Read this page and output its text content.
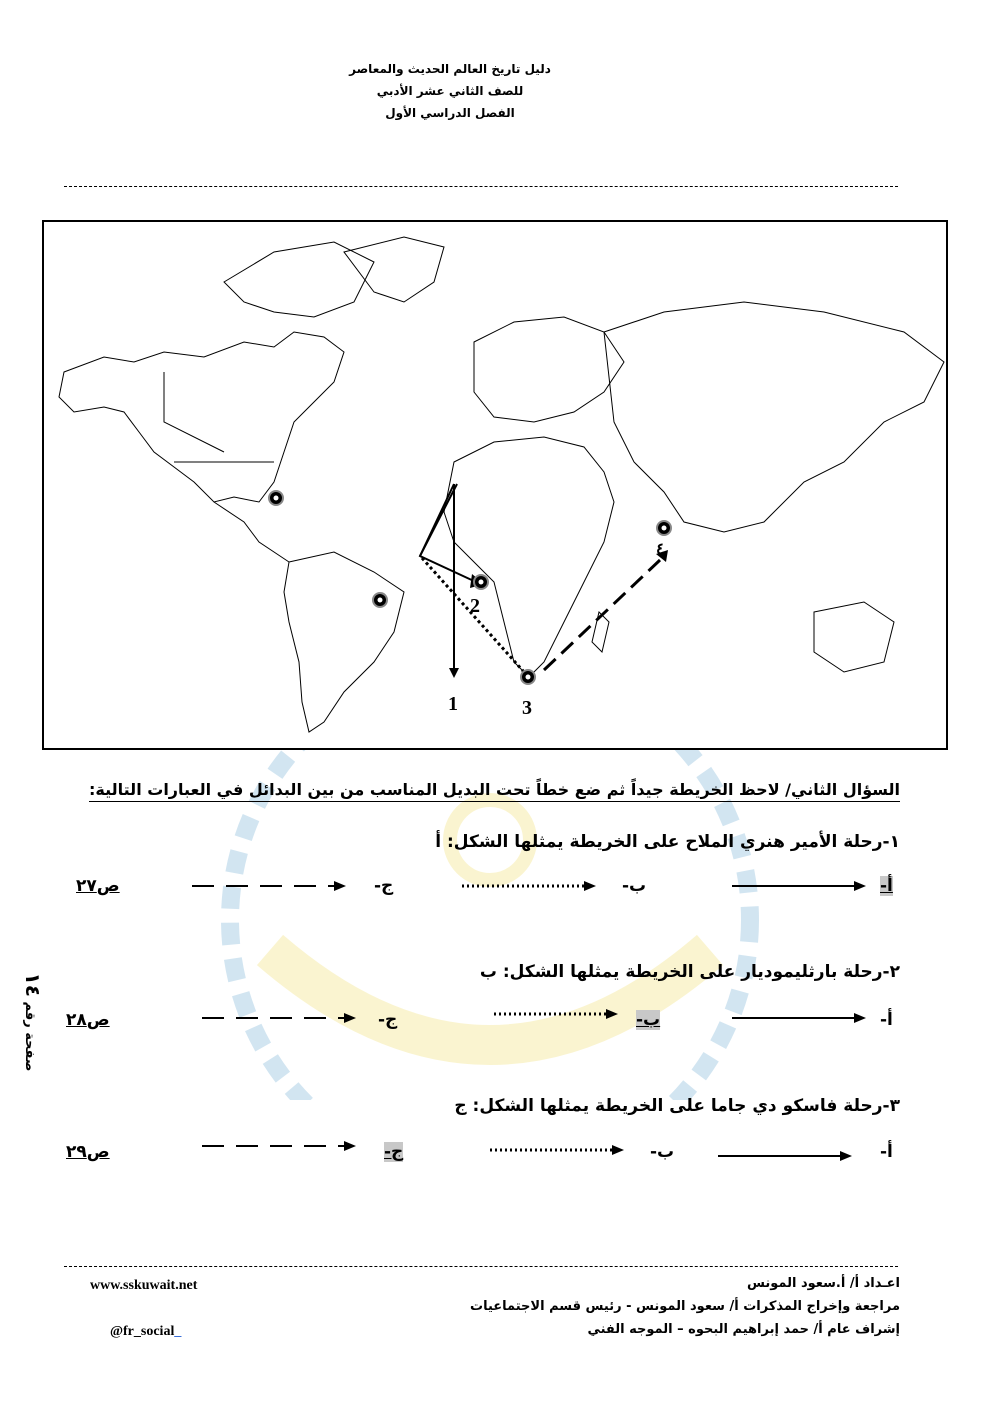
دليل تاريخ العالم الحديث والمعاصر
للصف الثاني عشر الأدبي
الفصل الدراسي الأول
1
2
3
٤
السؤال الثاني/ لاحظ الخريطة جيداً ثم ضع خطاً تحت البديل المناسب من بين البدائل في العبارات التالية:
١-رحلة الأمير هنري الملاح على الخريطة يمثلها الشكل: أ
أ-
ب-
ج-
ص٢٧
٢-رحلة بارثليموديار على الخريطة يمثلها الشكل: ب
أ-
ب-
ج-
ص٢٨
٣-رحلة فاسكو دي جاما على الخريطة يمثلها الشكل: ج
أ-
ب-
ج-
ص٢٩
صفحة رقم ١٤
اعـداد أ/ أ.سعود المونس
مراجعة وإخراج المذكرات أ/ سعود المونس - رئيس قسم الاجتماعيات
إشراف عام أ/ حمد إبراهيم البحوه – الموجه الفني
www.sskuwait.net
@fr_social_
